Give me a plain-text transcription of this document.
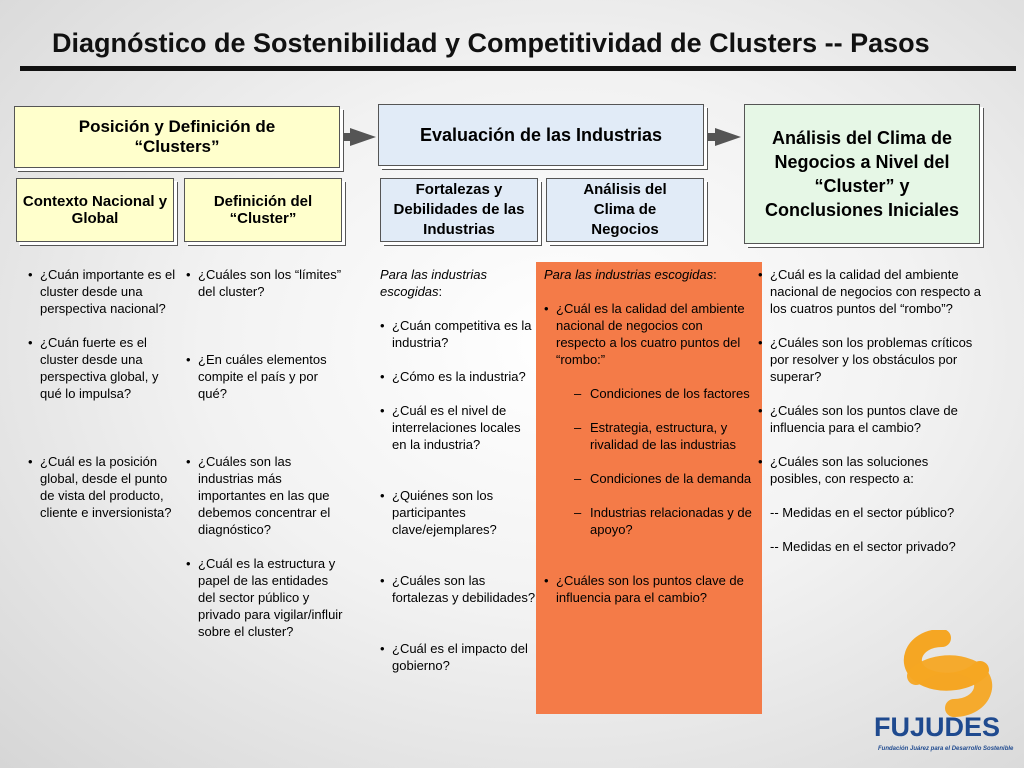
Diagnóstico de Sostenibilidad y Competitividad de Clusters -- Pasos
Posición y Definición de “Clusters”
Evaluación de las Industrias	Análisis del Clima de Negocios a Nivel del “Cluster” y Conclusiones Iniciales
Contexto Nacional y Global
Definición del “Cluster”
Fortalezas y Debilidades de las Industrias
Análisis del Clima de Negocios
• ¿Cuán importante es el cluster desde una perspectiva nacional?
• ¿Cuán fuerte es el cluster desde una perspectiva global, y qué lo impulsa?
• ¿Cuál es la posición global, desde el punto de vista del producto, cliente e inversionista?
• ¿Cuáles son los “límites” del cluster?
• ¿En cuáles elementos compite el país y por qué?
• ¿Cuáles son las industrias más importantes en las que debemos concentrar el diagnóstico?
• ¿Cuál es la estructura y papel de las entidades del sector público y privado para vigilar/influir sobre el cluster?
Para las industrias escogidas:
• ¿Cuán competitiva es la industria?
• ¿Cómo es la industria?
• ¿Cuál es el nivel de interrelaciones locales en la industria?
• ¿Quiénes son los participantes clave/ejemplares?
• ¿Cuáles son las fortalezas y debilidades?
• ¿Cuál es el impacto del gobierno?
Para las industrias escogidas:
• ¿Cuál es la calidad del ambiente nacional de negocios con respecto a los cuatro puntos del “rombo:”
– Condiciones de los factores
– Estrategia, estructura, y rivalidad de las industrias
– Condiciones de la demanda
– Industrias relacionadas y de apoyo?
• ¿Cuáles son los puntos clave de influencia para el cambio?
• ¿Cuál es la calidad del ambiente nacional de negocios con respecto a los cuatros puntos del “rombo”?
• ¿Cuáles son los problemas críticos por resolver y los obstáculos por superar?
• ¿Cuáles son los puntos clave de influencia para el cambio?
• ¿Cuáles son las soluciones posibles, con respecto a:
-- Medidas en el sector público?
-- Medidas en el sector privado?
FUJUDES
Fundación Juárez para el Desarrollo Sostenible
